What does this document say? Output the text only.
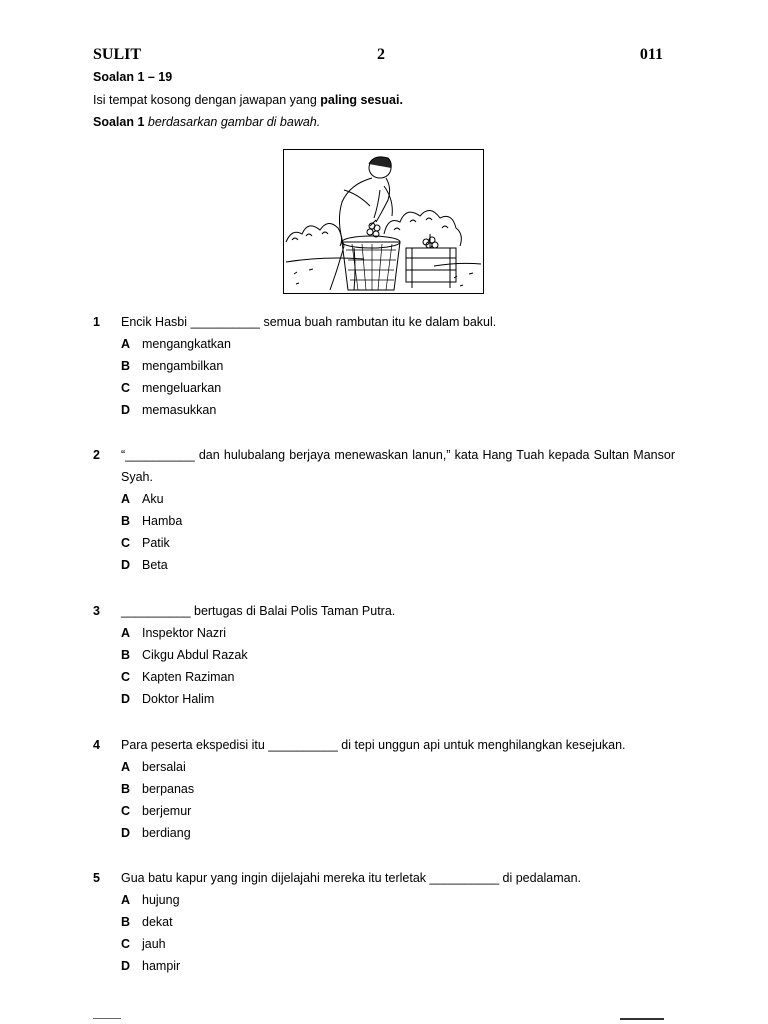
SULIT	2	011
Soalan 1 – 19
Isi tempat kosong dengan jawapan yang paling sesuai.
Soalan 1 berdasarkan gambar di bawah.
1 Encik Hasbi __________ semua buah rambutan itu ke dalam bakul.
A mengangkatkan
B mengambilkan
C mengeluarkan
D memasukkan
2 “__________ dan hulubalang berjaya menewaskan lanun,” kata Hang Tuah kepada Sultan Mansor Syah.
A Aku
B Hamba
C Patik
D Beta
3 __________ bertugas di Balai Polis Taman Putra.
A Inspektor Nazri
B Cikgu Abdul Razak
C Kapten Raziman
D Doktor Halim
4 Para peserta ekspedisi itu __________ di tepi unggun api untuk menghilangkan kesejukan.
A bersalai
B berpanas
C berjemur
D berdiang
5 Gua batu kapur yang ingin dijelajahi mereka itu terletak __________ di pedalaman.
A hujung
B dekat
C jauh
D hampir
